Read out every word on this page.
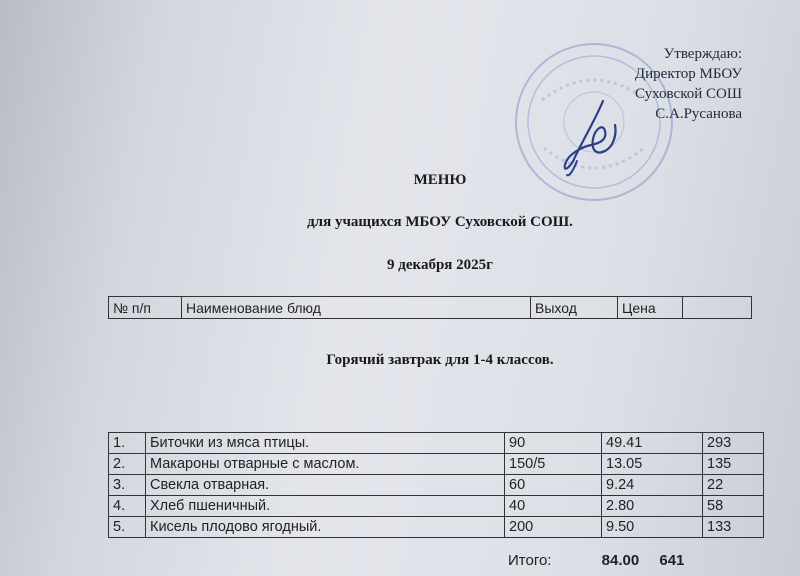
Утверждаю:
Директор МБОУ
Суховской СОШ
С.А.Русанова
МЕНЮ
для учащихся МБОУ Суховской СОШ.
9 декабря 2025г
№ п/п	Наименование блюд	Выход	Цена	
Горячий завтрак для 1-4 классов.
1.	Биточки из мяса птицы.	90	49.41	293
2.	Макароны отварные с маслом.	150/5	13.05	135
3.	Свекла отварная.	60	9.24	22
4.	Хлеб пшеничный.	40	2.80	58
5.	Кисель плодово ягодный.	200	9.50	133
Итого:	84.00 641
